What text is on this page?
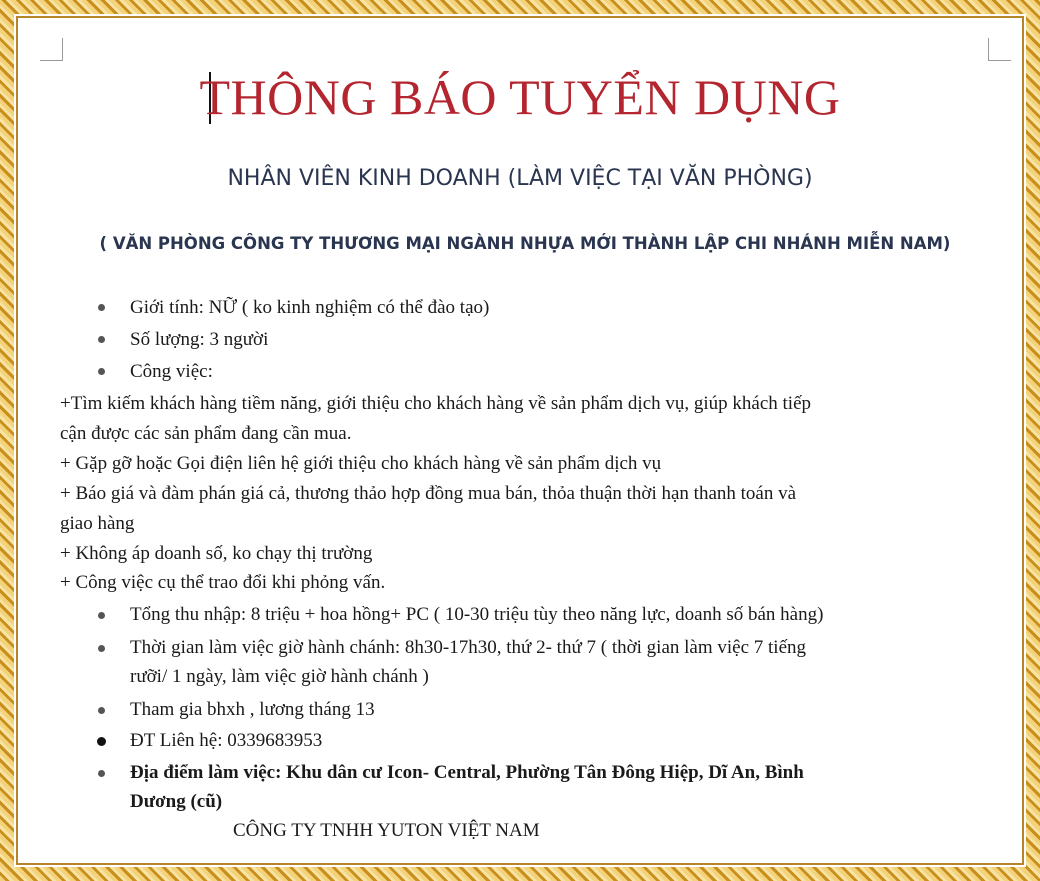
THÔNG BÁO TUYỂN DỤNG
NHÂN VIÊN KINH DOANH (LÀM VIỆC TẠI VĂN PHÒNG)
( VĂN PHÒNG CÔNG TY THƯƠNG MẠI NGÀNH NHỰA MỚI THÀNH LẬP CHI NHÁNH MIỄN NAM)
Giới tính: NỮ ( ko kinh nghiệm có thể đào tạo)
Số lượng: 3 người
Công việc:
+Tìm kiếm khách hàng tiềm năng, giới thiệu cho khách hàng về sản phẩm dịch vụ, giúp khách tiếp
cận được các sản phẩm đang cần mua.
+ Gặp gỡ hoặc Gọi điện liên hệ giới thiệu cho khách hàng về sản phẩm dịch vụ
+ Báo giá và đàm phán giá cả, thương thảo hợp đồng mua bán, thỏa thuận thời hạn thanh toán và
giao hàng
+ Không áp doanh số, ko chạy thị trường
+ Công việc cụ thể trao đổi khi phỏng vấn.
Tổng thu nhập: 8 triệu + hoa hồng+ PC ( 10-30 triệu tùy theo năng lực, doanh số bán hàng)
Thời gian làm việc giờ hành chánh: 8h30-17h30, thứ 2- thứ 7 ( thời gian làm việc 7 tiếng
rưỡi/ 1 ngày, làm việc giờ hành chánh )
Tham gia bhxh , lương tháng 13
ĐT Liên hệ: 0339683953
Địa điểm làm việc: Khu dân cư Icon- Central, Phường Tân Đông Hiệp, Dĩ An, Bình
Dương (cũ)
CÔNG TY TNHH YUTON VIỆT NAM
